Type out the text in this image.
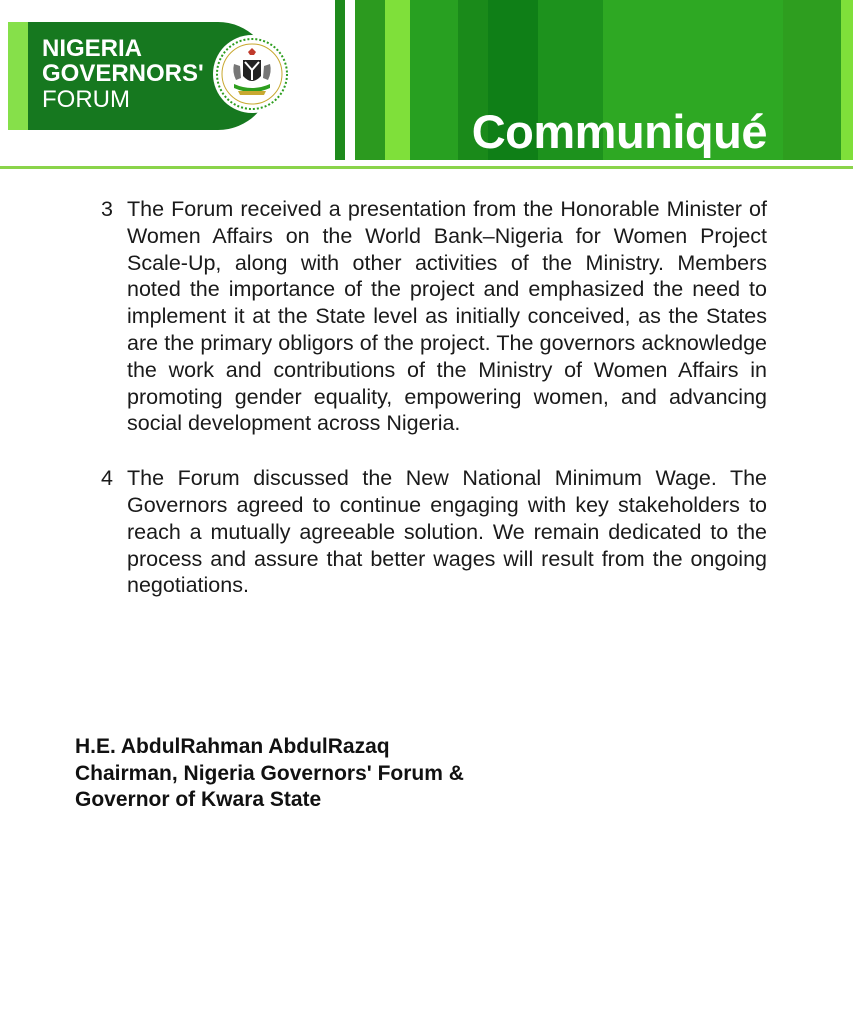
Communiqué
NIGERIA
GOVERNORS'
FORUM
3 The Forum received a presentation from the Honorable Minister of Women Affairs on the World Bank–Nigeria for Women Project Scale-Up, along with other activities of the Ministry. Members noted the importance of the project and emphasized the need to implement it at the State level as initially conceived, as the States are the primary obligors of the project. The governors acknowledge the work and contributions of the Ministry of Women Affairs in promoting gender equality, empowering women, and advancing social development across Nigeria.
4 The Forum discussed the New National Minimum Wage. The Governors agreed to continue engaging with key stakeholders to reach a mutually agreeable solution. We remain dedicated to the process and assure that better wages will result from the ongoing negotiations.
H.E. AbdulRahman AbdulRazaq
Chairman, Nigeria Governors' Forum &
Governor of Kwara State
